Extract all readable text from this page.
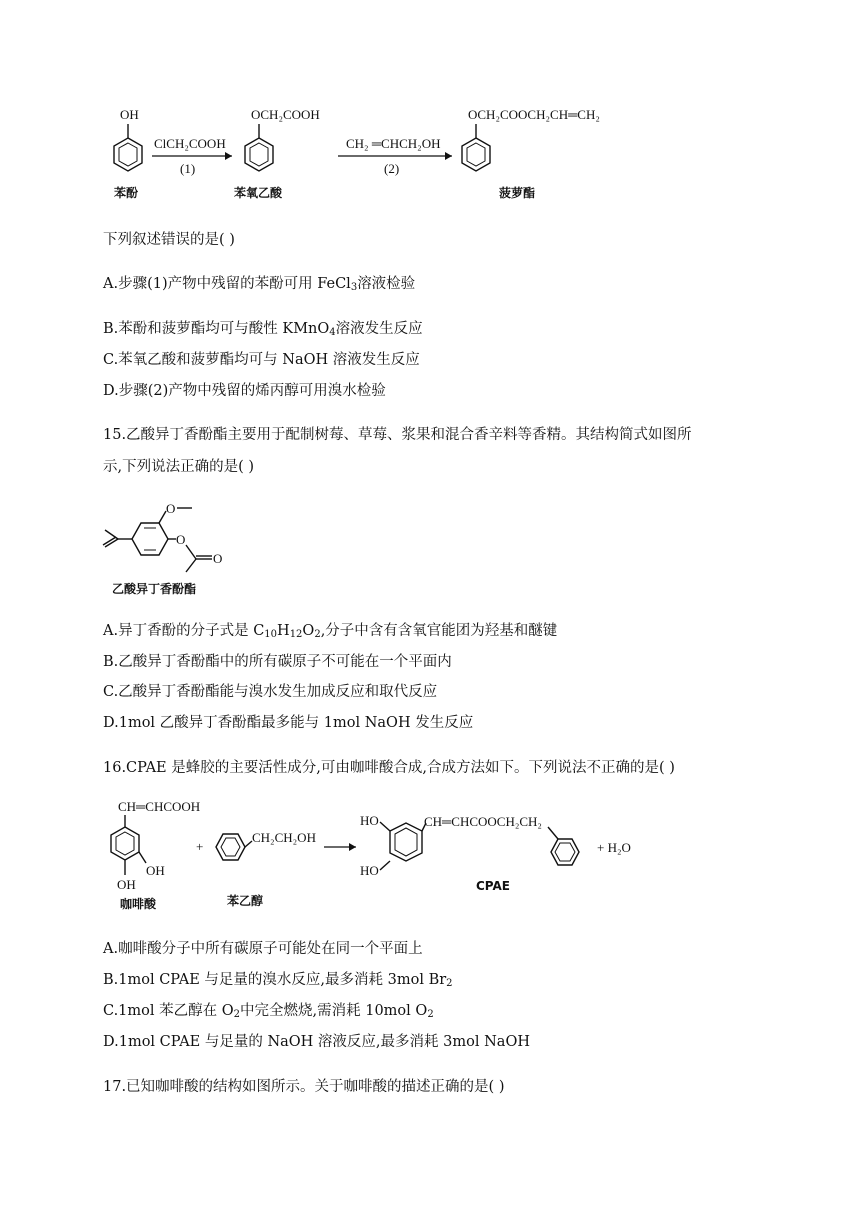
OH
苯酚
ClCH₂COOH
(1)
OCH₂COOH
苯氧乙酸
CH₂ ═CHCH₂OH
(2)
OCH₂COOCH₂CH═CH₂
菠萝酯
下列叙述错误的是( )
A.步骤(1)产物中残留的苯酚可用 FeCl$_3$溶液检验
B.苯酚和菠萝酯均可与酸性 KMnO$_4$溶液发生反应
C.苯氧乙酸和菠萝酯均可与 NaOH 溶液发生反应
D.步骤(2)产物中残留的烯丙醇可用溴水检验
15.乙酸异丁香酚酯主要用于配制树莓、草莓、浆果和混合香辛料等香精。其结构简式如图所
示,下列说法正确的是( )
O
O
O
乙酸异丁香酚酯
A.异丁香酚的分子式是 $C_{10}H_{12}O_2$,分子中含有含氧官能团为羟基和醚键
B.乙酸异丁香酚酯中的所有碳原子不可能在一个平面内
C.乙酸异丁香酚酯能与溴水发生加成反应和取代反应
D.1mol 乙酸异丁香酚酯最多能与 1mol NaOH 发生反应
16.CPAE 是蜂胶的主要活性成分,可由咖啡酸合成,合成方法如下。下列说法不正确的是( )
CH═CHCOOH
OH
OH
咖啡酸
+
CH₂CH₂OH
苯乙醇
HO
HO
CH═CHCOOCH₂CH₂
CPAE
+ H₂O
A.咖啡酸分子中所有碳原子可能处在同一个平面上
B.1mol CPAE 与足量的溴水反应,最多消耗 3mol $Br_2$
C.1mol 苯乙醇在 $O_2$中完全燃烧,需消耗 10mol $O_2$
D.1mol CPAE 与足量的 NaOH 溶液反应,最多消耗 3mol NaOH
17.已知咖啡酸的结构如图所示。关于咖啡酸的描述正确的是( )
